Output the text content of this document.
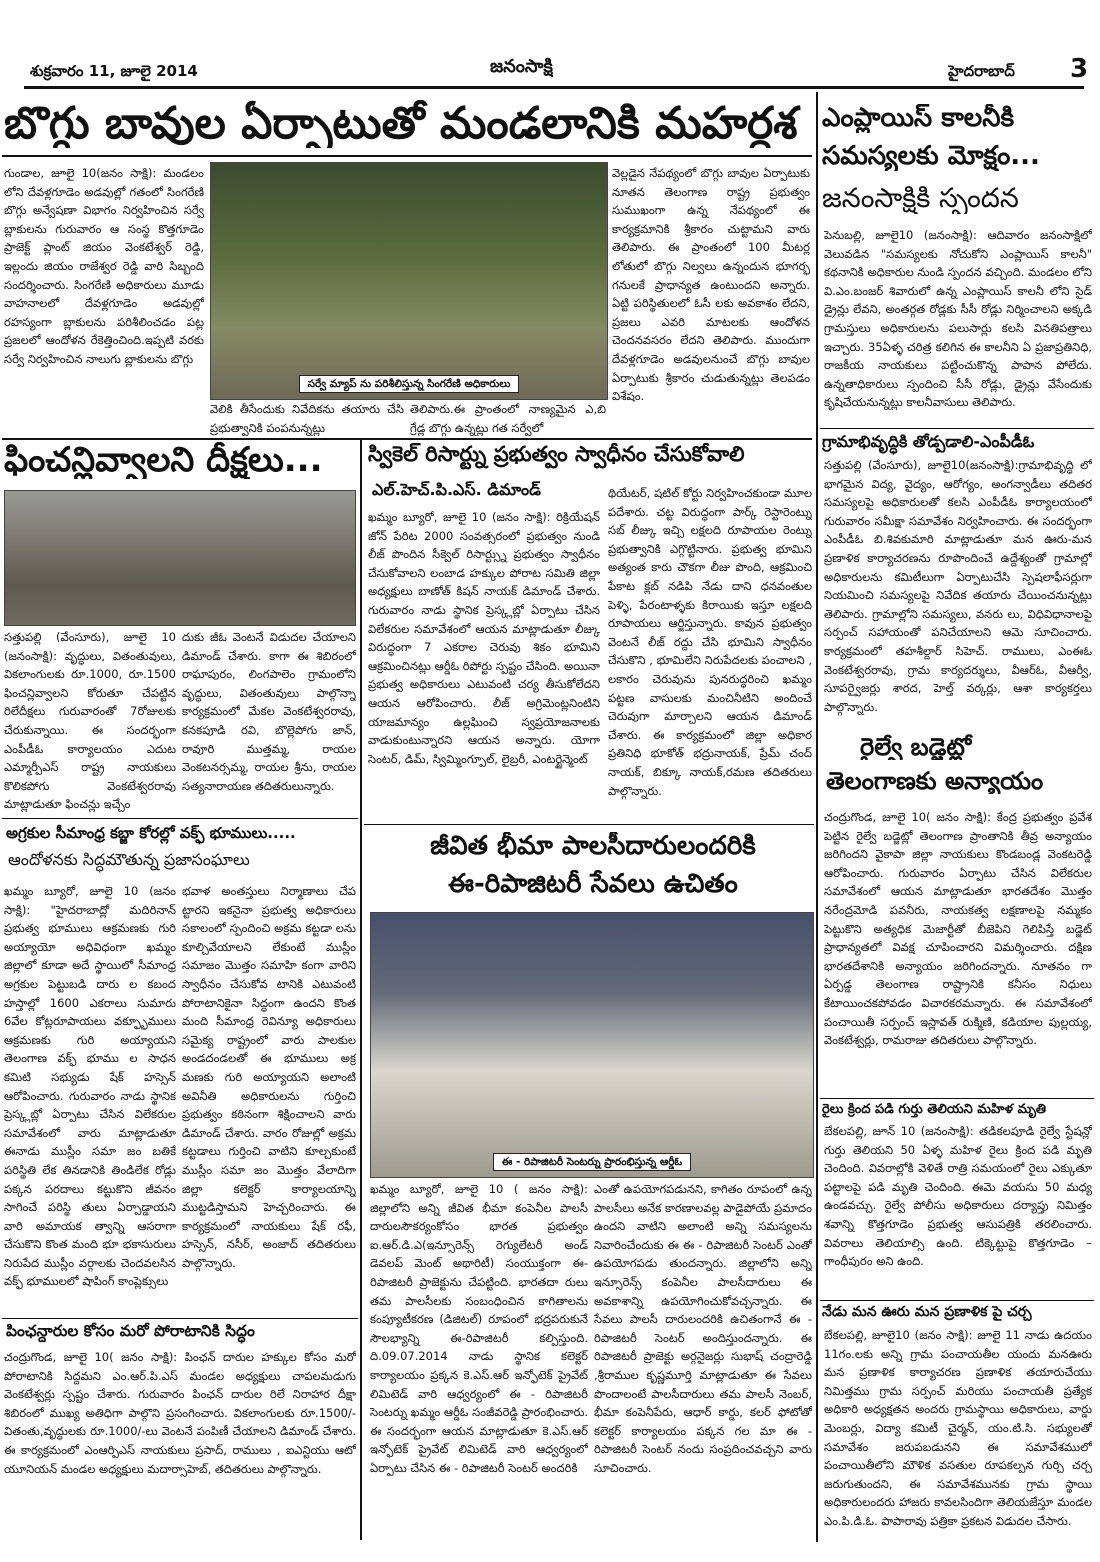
శుక్రవారం 11, జూలై 2014	జనంసాక్షి	హైదరాబాద్ 3
బొగ్గు బావుల ఏర్పాటుతో మండలానికి మహర్దశ
గుండాల, జూలై 10(జనం సాక్షి): మండలం లోని దేవళ్లగూడెం అడవుల్లో గతంలో సింగరేణి బొగ్గు అన్వేషణా విభాగం నిర్వహించిన సర్వే బ్లాకులను గురువారం ఆ సంస్థ కొత్తగూడెం ప్రాజెక్ట్ ప్లాంట్ జియం వెంకటేశ్వర్ రెడ్డి, ఇల్లందు జియం రాజేశ్వర రెడ్డి వారి సిబ్బంది సందర్శించారు. సింగరేణి అధికారులు మూడు వాహనాలలో దేవళ్లగూడెం అడవుల్లో రహస్యంగా బ్లాకులను పరిశీలించడం పట్ల ప్రజలలో ఆందోళన రేకెత్తించింది.ఇప్పటి వరకు సర్వే నిర్వహించిన నాలుగు బ్లాకులను బొగ్గు
సర్వే మ్యాప్ ను పరిశీలిస్తున్న సింగరేణి అధికారులు
వెలికి తీసేందుకు నివేదికను తయారు చేసి ప్రభుత్వానికి పంపనున్నట్లు
తెలిపారు.ఈ ప్రాంతంలో నాణ్యమైన ఎ,బి గ్రేడ్ల బొగ్గు ఉన్నట్లు గత సర్వేలో
వెల్లడైన నేపథ్యంలో బొగ్గు బావుల ఏర్పాటుకు నూతన తెలంగాణ రాష్ట్ర ప్రభుత్వం సుముఖంగా ఉన్న నేపథ్యంలో ఈ కార్యక్రమానికి శ్రీకారం చుట్టామని వారు తెలిపారు. ఈ ప్రాంతంలో 100 మీటర్ల లోతులో బొగ్గు నిల్వలు ఉన్నందున భూగర్భ గనులకే ప్రాధాన్యత ఉంటుందని అన్నారు. ఏట్టి పరిస్థితులలో ఓసీ లకు అవకాశం లేదని, ప్రజలు ఎవరి మాటలకు ఆందోళన చెందనవసరం లేదని తెలిపారు. ముందుగా దేవళ్లగూడెం అడవులనుంచే బొగ్గు బావుల ఏర్పాటుకు శ్రీకారం చుడుతున్నట్లు తెలపడం విశేషం.
ఎంప్లాయిస్ కాలనీకి
సమస్యలకు మోక్షం...
జనంసాక్షికి స్పందన
పెనుబల్లి, జూలై10 (జనంసాక్షి): ఆదివారం జనంసాక్షిలో వెలువడిన "సమస్యలకు నోచుకోని ఎంప్లాయిస్ కాలనీ" కథనానికి అధికారుల నుండి స్పందన వచ్చింది. మండలం లోని వి.ఎం.బంజర్ శివారులో ఉన్న ఎంప్లాయిస్ కాలనీ లోని సైడ్ డ్రైన్లు లేవని, అంతర్గత రోడ్లకు సీసీ రోడ్లు నిర్మించాలని అక్కడి గ్రామస్తులు అధికారులను పలుసార్లు కలసి వినతిపత్రాలు ఇచ్చారు. 35ఏళ్ళ చరిత్ర కలిగిన ఈ కాలనీని ఏ ప్రజాప్రతినిధి, రాజకీయ నాయకులు పట్టించుకొన్న పాపాన పోలేదు. ఉన్నతాధికారులు స్పందించి సీసీ రోడ్లు, డ్రైన్లు వేసేందుకు కృషిచేయనున్నట్లు కాలనీవాసులు తెలిపారు.
గ్రామాభివృద్ధికి తోడ్పడాలి-ఎంపీడీఓ
సత్తుపల్లి (వేంసూరు), జూలై10(జనంసాక్షి):గ్రామాభివృద్ధి లో భాగమైన విద్య, వైద్యం, ఆరోగ్యం, అంగన్వాడీలు తదితర సమస్యలపై అధికారులతో కలసి ఎంపీడీఓ కార్యాలయంలో గురువారం సమీక్షా సమావేశం నిర్వహించారు. ఈ సందర్భంగా ఎంపీడీఓ బి.శివకుమారి మాట్లాడుతూ మన ఊరు-మన ప్రణాళిక కార్యాచరణను రూపొందించే ఉద్దేశ్యంతో గ్రామాల్లో అధికారులను కమిటీలుగా ఏర్పాటుచేసి స్పెషలాఫీసర్లుగా నియమించి సమస్యలపై నివేదిక తయారు చేయించనున్నట్లు తెలిపారు. గ్రామాల్లోని సమస్యలు, వనరు లు, విధివిధానాలపై సర్పంచ్ సహాయంతో పనిచేయాలని ఆమె సూచించారు. కార్యక్రమంలో తహశీల్దార్ సిహెచ్. రాములు, ఎంఈఓ వెంకటేశ్వరరావు, గ్రామ కార్యదర్శులు, వీఆర్ఓ, వీఆర్వీ, సూపర్వైజర్లు శారద, హెల్త్ వర్కర్లు, ఆశా కార్యకర్తలు పాల్గొన్నారు.
రైల్వే బడ్జెట్లో
తెలంగాణకు అన్యాయం
చంద్రుగొండ, జూలై 10( జనం సాక్షి): కేంద్ర ప్రభుత్వం ప్రవేశ పెట్టిన రైల్వే బడ్జెట్లో తెలంగాణ ప్రాంతానికి తీవ్ర అన్యాయం జరిగిందని వైకాపా జిల్లా నాయకులు కొండబండ్ల వెంకటరెడ్డి ఆరోపించారు. గురువారం ఏర్పాటు చేసిన విలేకరుల సమావేశంలో ఆయన మాట్లాడుతూ భారతదేశం మొత్తం నరేంద్రమోడి పవనీరు, నాయకత్వ లక్షణాలపై నమ్మకం పెట్టుకొని అత్యధిక మెజార్టీతో బీజెపిని గెలిపిస్తే బడ్జెట్ ప్రాధాన్యతలో వివక్ష చూపించారని విమర్శించారు. దక్షిణ భారతదేశానికి అన్యాయం జరిగిందన్నారు. నూతనం గా ఏర్పడ్డ తెలంగాణ రాష్ట్రానికి కనీసం నిధులు కేటాయించకపోవడం విచారకరమన్నారు. ఈ సమావేశంలో పంచాయితీ సర్పంచ్ ఇస్లావత్ రుక్మిణి, కడియాల పుల్లయ్య, వెంకటేశ్వర్లు, రామరాజు తదితరులు పాల్గొన్నారు.
రైలు క్రింద పడి గుర్తు తెలియని మహిళ మృతి
బేకలపల్లి, జూన్ 10 (జనంసాక్షి): తడికలపూడి రైల్వే స్టేషన్లో గుర్తు తెలియని 50 ఏళ్ళ మహిళ రైలు క్రింద పడి మృతి చెందింది. వివరాల్లోకి వెళితే రాత్రి సమయంలో రైలు ఎక్కుతూ పట్టాలపై పడి మృతి చెందింది. ఈమె వయసు 50 మధ్య ఉండవచ్చు. రైల్వే పోలీసు అధికారులు దర్యాప్తు నిమిత్తం శవాన్ని కొత్తగూడెం ప్రభుత్వ ఆసుపత్రికి తరలించారు. వివరాలు తెలియాల్సి ఉంది. టిక్కెట్టుపై కొత్తగూడెం – గాంధీపురం అని ఉంది.
నేడు మన ఊరు మన ప్రణాళిక పై చర్చ
బేకలపల్లి, జూలై10 (జనం సాక్షి): జూలై 11 నాడు ఉదయం 11గం.లకు అన్ని గ్రామ పంచాయతీల యందు మనఊరు మన ప్రణాళిక కార్యాచరణ ప్రణాళిక తయారుచేయు నిమిత్తము గ్రామ సర్పంచ్ మరియు పంచాయతీ ప్రత్యేక అధికారి అధ్యక్షతన అందరు గ్రామస్థాయి అధికారులు, వార్డు మెంబర్లు, విద్యా కమిటీ చైర్మన్, యం.టి.సి. సభ్యులతో సమావేశం జరుపబడునని ఈ సమావేశములో పంచాయితీలోని మౌళిక వసతుల రూపకల్పన గుర్చి చర్చ జరుగుతుందని, ఈ సమావేశమునకు గ్రామ స్థాయి అధికారులందరు హాజరు కావలసిందిగా తెలియజేస్తూ మండల ఎం.పి.డి.ఓ. పాపారావు పత్రికా ప్రకటన విడుదల చేసారు.
ఫించన్లివ్వాలని దీక్షలు...
సత్తుపల్లి (వేంసూరు), జూలై 10 (జనంసాక్షి): వృద్ధులు, వితంతువులు, వికలాంగులకు రూ.1000, రూ.1500 ఫించన్లివ్వాలని కోరుతూ చేపట్టిన రిలేదీక్షలు గురువారంతో 7రోజులకు చేరుకున్నాయి. ఈ సందర్భంగా ఎంపీడీఓ కార్యాలయం ఎదుట ఎమ్మార్పీఎస్ రాష్ట్ర నాయకులు కొలికపోగు వెంకటేశ్వరరావు మాట్లాడుతూ ఫించన్లు ఇచ్చేం
దుకు జీఓ వెంటనే విడుదల చేయాలని డిమాండ్ చేశారు. కాగా ఈ శిబిరంలో రాఘాపురం, లింగపాలెం గ్రామంలోని వృద్ధులు, వితంతువులు పాల్గొన్నా కార్యక్రమంలో మేకల వెంకటేశ్వరరావు, కనకపూడి రవి, బొల్లెపోగు జాన్, రావూరి ముత్తమ్మ, రాయల వెంకటనర్సమ్మ, రాయల శ్రీను, రాయల సత్యనారాయణ తదితరులున్నారు.
స్వికెల్ రిసార్ట్ను ప్రభుత్వం స్వాధీనం చేసుకోవాలి
ఎల్.హెచ్.పి.ఎస్. డిమాండ్
ఖమ్మం బ్యూరో, జూలై 10 (జనం సాక్షి): రిక్రియేషన్ జోన్ పేరిట 2000 సంవత్సరంలో ప్రభుత్వం నుండి లీజ్ పొందిన సీక్వెల్ రిసార్ట్స్ను ప్రభుత్వం స్వాధీనం చేసుకోవాలని లంబాడ హక్కుల పోరాట సమితి జిల్లా అధ్యక్షులు బాణోత్ కిషన్ నాయక్ డిమాండ్ చేశారు. గురువారం నాడు స్థానిక ప్రెస్క్లబ్లో ఏర్పాటు చేసిన విలేకరుల సమావేశంలో ఆయన మాట్లాడుతూ లీజ్కు విరుద్ధంగా 7 ఎకరాల చెరువు శికం భూమిని ఆక్రమించినట్లు ఆర్డీఓ రిపోర్టు స్పష్టం చేసింది. అయినా ప్రభుత్వ అధికారులు ఎటువంటి చర్య తీసుకోలేదని ఆయన ఆరోపించారు. లీజ్ అగ్రిమెంట్లనింటిని యాజమాన్యం ఉల్లఘించి స్వప్రయోజనాలకు వాడుకుంటున్నారని ఆయన అన్నారు. యోగా సెంటర్, డిమ్, స్విమ్మింగ్పూల్, లైబ్రరీ, ఎంటర్టైన్మెంట్
థియేటర్, షటిల్ కోర్టు నిర్వహించకుండా మూల పదేశారు. చట్ట విరుద్ధంగా పార్క్ రెస్టారెంట్ను సబ్ లీజ్కు ఇచ్చి లక్షలది రూపాయల రెంట్ను ప్రభుత్వానికి ఎగ్గొట్టినారు. ప్రభుత్వ భూమిని అత్యంత కారు చౌకగా లీజు పొంది, ఆక్రమించి పేకాట క్లబ్ నడిపి నేడు దాని ధనవంతుల పెళ్ళి, పేరంటాళ్ళకు కిరాయికు ఇస్తూ లక్షలది రూపాయలు ఆర్జిస్తున్నారు. కావున ప్రభుత్వం వెంటనే లీజ్ రద్దు చేసి భూమిని స్వాధీనం చేసుకొని , భూమిలేని నిరుపేదలకు పంచాలని , లకారం చెరువును పునరుద్ధరించి ఖమ్మం పట్టణ వాసులకు మంచినీటిని అందించే చెరువుగా మార్చాలని ఆయన డిమాండ్ చేశారు. ఈ కార్యక్రమంలో జిల్లా అధికార ప్రతినిధి భూకోత్ భద్రునాయక్, ప్రేమ్ చంద్ నాయక్, బిక్కూ నాయక్,రమణ తదితరులు పాల్గొన్నారు.
అగ్రకుల సీమాంధ్ర కబ్జా కోరల్లో వక్ఫ్ భూములు.....
ఆందోళనకు సిద్ధమౌతున్న ప్రజాసంఘాలు
ఖమ్మం బ్యూరో, జూలై 10 (జనం సాక్షి): "హైదరాబాద్లో మదిరినాన్ ప్రభుత్వ భూములు ఆక్రమణకు గురి అయ్యాయో అధివిధంగా ఖమ్మం జిల్లాలో కూడా అదే స్థాయిలో సీమాంధ్ర అగ్రకుల పెట్టుబడి దారు ల కబంద హస్తాల్లో 1600 ఎకరాలు సుమారు 6వేల కోట్లరూపాయలు వక్ఫ్భూములు ఆక్రమణకు గురి అయ్యాయని తెలంగాణ వక్ఫ్ భూము ల సాధన కమిటి సభ్యుడు షేక్ హస్సెన్ ఆరోపించారు. గురువారం నాడు స్థానిక ప్రెస్క్లబ్లో ఏర్పాటు చేసిన విలేకరుల సమావేశంలో వారు మాట్లాడుతూ ఈనాడు ముస్లీం సమా జం బతికే పరిస్థితి లేక తినడానికి తిండిలేక రోడ్లు పక్కన పరదాలు కట్టుకొని జీవనం సాగించే పరిస్థి తులు ఏర్పాడ్డాయని వారి అమాయక త్వాన్ని ఆసరాగా చేసుకొని కొంత మంది భూ భకాసురులు నిరుపేద ముస్లీం వర్గాలకు చెందవలసిన వక్ఫ్ భూములలో షాపింగ్ కాంప్లెక్సులు
భవాళ అంతస్తులు నిర్మాణాలు చేప ట్టారని ఇకనైనా ప్రభుత్వ అధికారులు సకాలంలో స్పందించి అక్రమ కట్టడా లను కూల్చివేయాలని లేకుంటే ముస్లీం సమాజం మొత్తం సమాహి కంగా వారిని స్వాధీనం చేసుకోవ టానికి ఎటువంటి పోరాటానికైనా సిద్ధంగా ఉందని కొంత మంది సీమాంధ్ర రెవిన్యూ అధికారులు సమైక్య రాష్ట్రంలో వారు పాలకుల అండదండలతో ఈ భూములు అక్ర మణకు గురి అయ్యాయని అలాంటి అవినీతి అధికారులను గుర్తించి ప్రభుత్వం కఠినంగా శిక్షించాలని వారు డిమాండ్ చేశారు. వారం రోజుల్లో అక్రమ కట్టడాలు గుర్తించి వాటిని కూల్చకుంటే ముస్లీం సమా జం మొత్తం వేలాదిగా జిల్లా కలెక్టర్ కార్యాలయాన్ని ముట్టడిస్తామని హెచ్చరించారు. ఈ కార్యక్రమంలో నాయకులు షేక్ రఫీ, హస్సెన్, నసీర్, అంజాద్ తదితరులు పాల్గొన్నారు.
పింఛన్దారుల కోసం మరో పోరాటానికి సిద్ధం
చంద్రుగొండ, జూలై 10( జనం సాక్షి): పింఛన్ దారుల హక్కుల కోసం మరో పోరాటానికి సిద్దమని ఎం.ఆర్.పి.ఎస్ మండల అధ్యక్షులు చాపలమడుగు వెంకటేశ్వర్లు స్పష్టం చేశారు. గురువారం పింఛన్ దారుల రిలే నిరాహార దీక్షా శిబిరంలో ముఖ్య అతిధిగా పాల్గొని ప్రసంగించారు. వికలాంగులకు రూ.1500/- వితంతు,వృద్ధులకు రూ.1000/-లు వెంటనే పంపిణీ చేయాలని డిమాండ్ చేశారు. ఈ కార్యక్రమంలో ఎంఆర్పిఎస్ నాయకులు ప్రసాద్, రాములు , ఐఎన్టియు ఆటో యూనియన్ మండల అధ్యక్షులు మదార్సాహెబ్, తదితరులు పాల్గొన్నారు.
జీవిత భీమా పాలసీదారులందరికి
ఈ-రిపాజిటరీ సేవలు ఉచితం
ఈ - రిపాజిటరీ సెంటర్ను ప్రారంభిస్తున్న ఆర్డీఓ
ఖమ్మం బ్యూరో, జూలై 10 ( జనం సాక్షి): జిల్లాలోని అన్ని జీవిత భీమా కంపెనీల పాలసీ దారులసౌకర్యంకోసం భారత ప్రభుత్వం ఐ.ఆర్.డి.ఎ(ఇన్సూరెన్స్ రెగ్యులేటరీ అండ్ డెవలప్ మెంట్ అథారిటీ) సంయుక్తంగా ఈ-రిపాజిటరీ ప్రాజెక్టును చేపట్టింది. భారతదా రులు తమ పాలసీలకు సంబంధించిన కాగితాలను కంప్యూటీకరణ (డిజిటల్) రూపంలో భద్రపరుకునే సౌలభ్యాన్ని ఈ-రిపాజిటరీ కల్పిస్తుంది. ది.09.07.2014 నాడు స్థానిక కలెక్టర్ కార్యాలయం ప్రక్కన కె.ఎస్.ఆర్ ఇన్ఫోటెక్ ప్రైవేట్ లిమిటెడ్ వారి ఆధ్వర్యంలో ఈ - రిపాజిటరీ సెంటర్ను ఖమ్మం ఆర్డీఓ సంజీవరెడ్డి ప్రారంభించారు. ఈ సందర్భంగా ఆయన మాట్లాడుతూ కె.ఎస్.ఆర్ ఇన్ఫోటెక్ ప్రైవేట్ లిమిటెడ్ వారి ఆధ్వర్యంలో ఏర్పాటు చేసిన ఈ - రిపాజిటరీ సెంటర్ అందరికి
ఎంతో ఉపయోగపడునని, కాగితం రూపంలో ఉన్న పాలసీలు అనేక కారణాలవల్ల పాడైపోయే ప్రమాదం ఉందని వాటిని అలాంటి అన్ని సమస్యలను నివారించేందుకు ఈ ఈ - రిపాజిటరీ సెంటర్ ఎంతో ఉపయోగపడు తుందన్నారు. జిల్లాలోని అన్ని ఇన్సూరెన్స్ కంపెనీల పాలసీదారులు ఈ అవకాశాన్ని ఉపయోగించుకోవచ్చన్నారు. ఈ సేవలు పాలసీ దారులందరికి ఉచితంగానే ఈ - రిపాజిటరీ సెంటర్ అందిస్తుందన్నారు. ఈ రిపాజిటరీ ప్రాజెక్టు అర్గనైజర్లు సుభాష్ చంద్రారెడ్డి ,శ్రీరాముల కృష్ణమూర్తి మాట్లాడుతూ ఈ సేవలు పొందాలంటే పాలసీదారులు తమ పాలసీ నెంబర్, భీమా కంపెనీపేరు, ఆధార్ కార్డు, కలర్ ఫోటోతో కలెక్టర్ కార్యాలయం పక్కన గల మా ఈ - రిపాజిటరీ సెంటర్ నందు సంప్రదించవచ్చని వారు సూచించారు.
